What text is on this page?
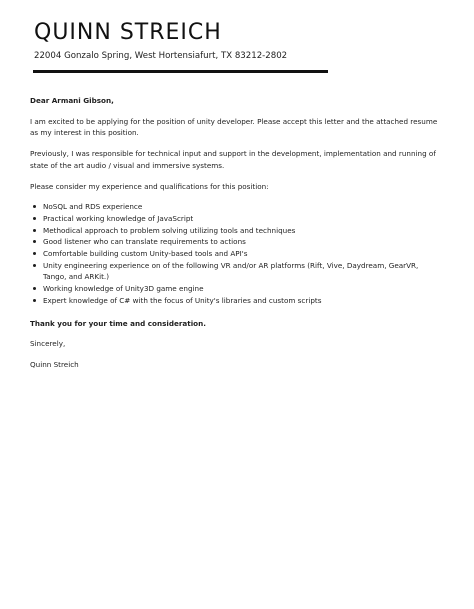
QUINN STREICH
22004 Gonzalo Spring, West Hortensiafurt, TX 83212-2802

Dear Armani Gibson,

I am excited to be applying for the position of unity developer. Please accept this letter and the attached resume as my interest in this position.

Previously, I was responsible for technical input and support in the development, implementation and running of state of the art audio / visual and immersive systems.

Please consider my experience and qualifications for this position:

NoSQL and RDS experience
Practical working knowledge of JavaScript
Methodical approach to problem solving utilizing tools and techniques
Good listener who can translate requirements to actions
Comfortable building custom Unity-based tools and API's
Unity engineering experience on of the following VR and/or AR platforms (Rift, Vive, Daydream, GearVR, Tango, and ARKit.)
Working knowledge of Unity3D game engine
Expert knowledge of C# with the focus of Unity's libraries and custom scripts

Thank you for your time and consideration.

Sincerely,

Quinn Streich
